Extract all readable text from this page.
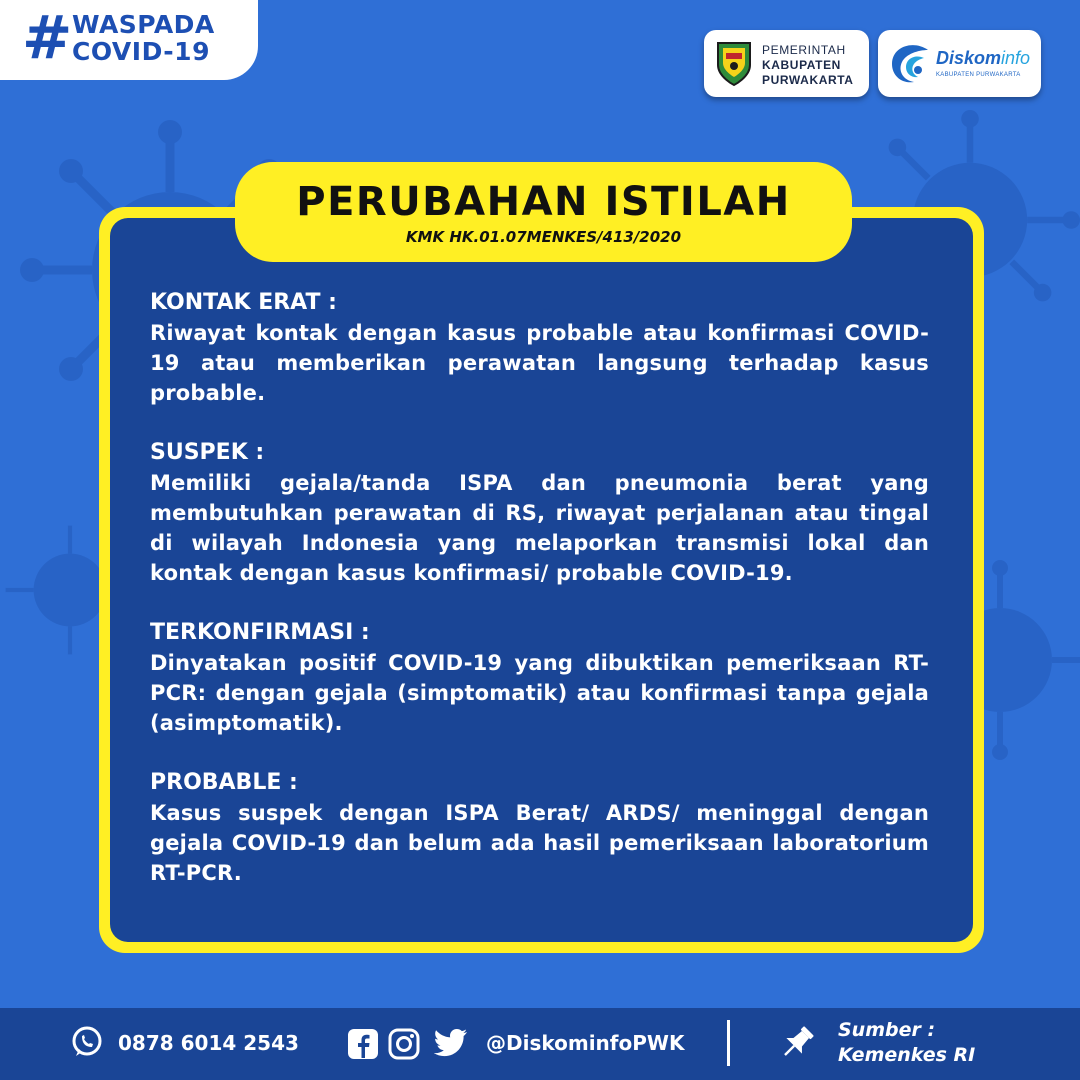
# WASPADA
COVID-19	PEMERINTAH
KABUPATEN
PURWAKARTA
Diskominfo
KABUPATEN PURWAKARTA
PERUBAHAN ISTILAH
KMK HK.01.07MENKES/413/2020
KONTAK ERAT :
Riwayat kontak dengan kasus probable atau konfirmasi COVID-19 atau memberikan perawatan langsung terhadap kasus probable.
SUSPEK :
Memiliki gejala/tanda ISPA dan pneumonia berat yang membutuhkan perawatan di RS, riwayat perjalanan atau tingal di wilayah Indonesia yang melaporkan transmisi lokal dan kontak dengan kasus konfirmasi/ probable COVID-19.
TERKONFIRMASI :
Dinyatakan positif COVID-19 yang dibuktikan pemeriksaan RT-PCR: dengan gejala (simptomatik) atau konfirmasi tanpa gejala (asimptomatik).
PROBABLE :
Kasus suspek dengan ISPA Berat/ ARDS/ meninggal dengan gejala COVID-19 dan belum ada hasil pemeriksaan laboratorium RT-PCR.
0878 6014 2543	@DiskominfoPWK
Sumber :
Kemenkes RI
